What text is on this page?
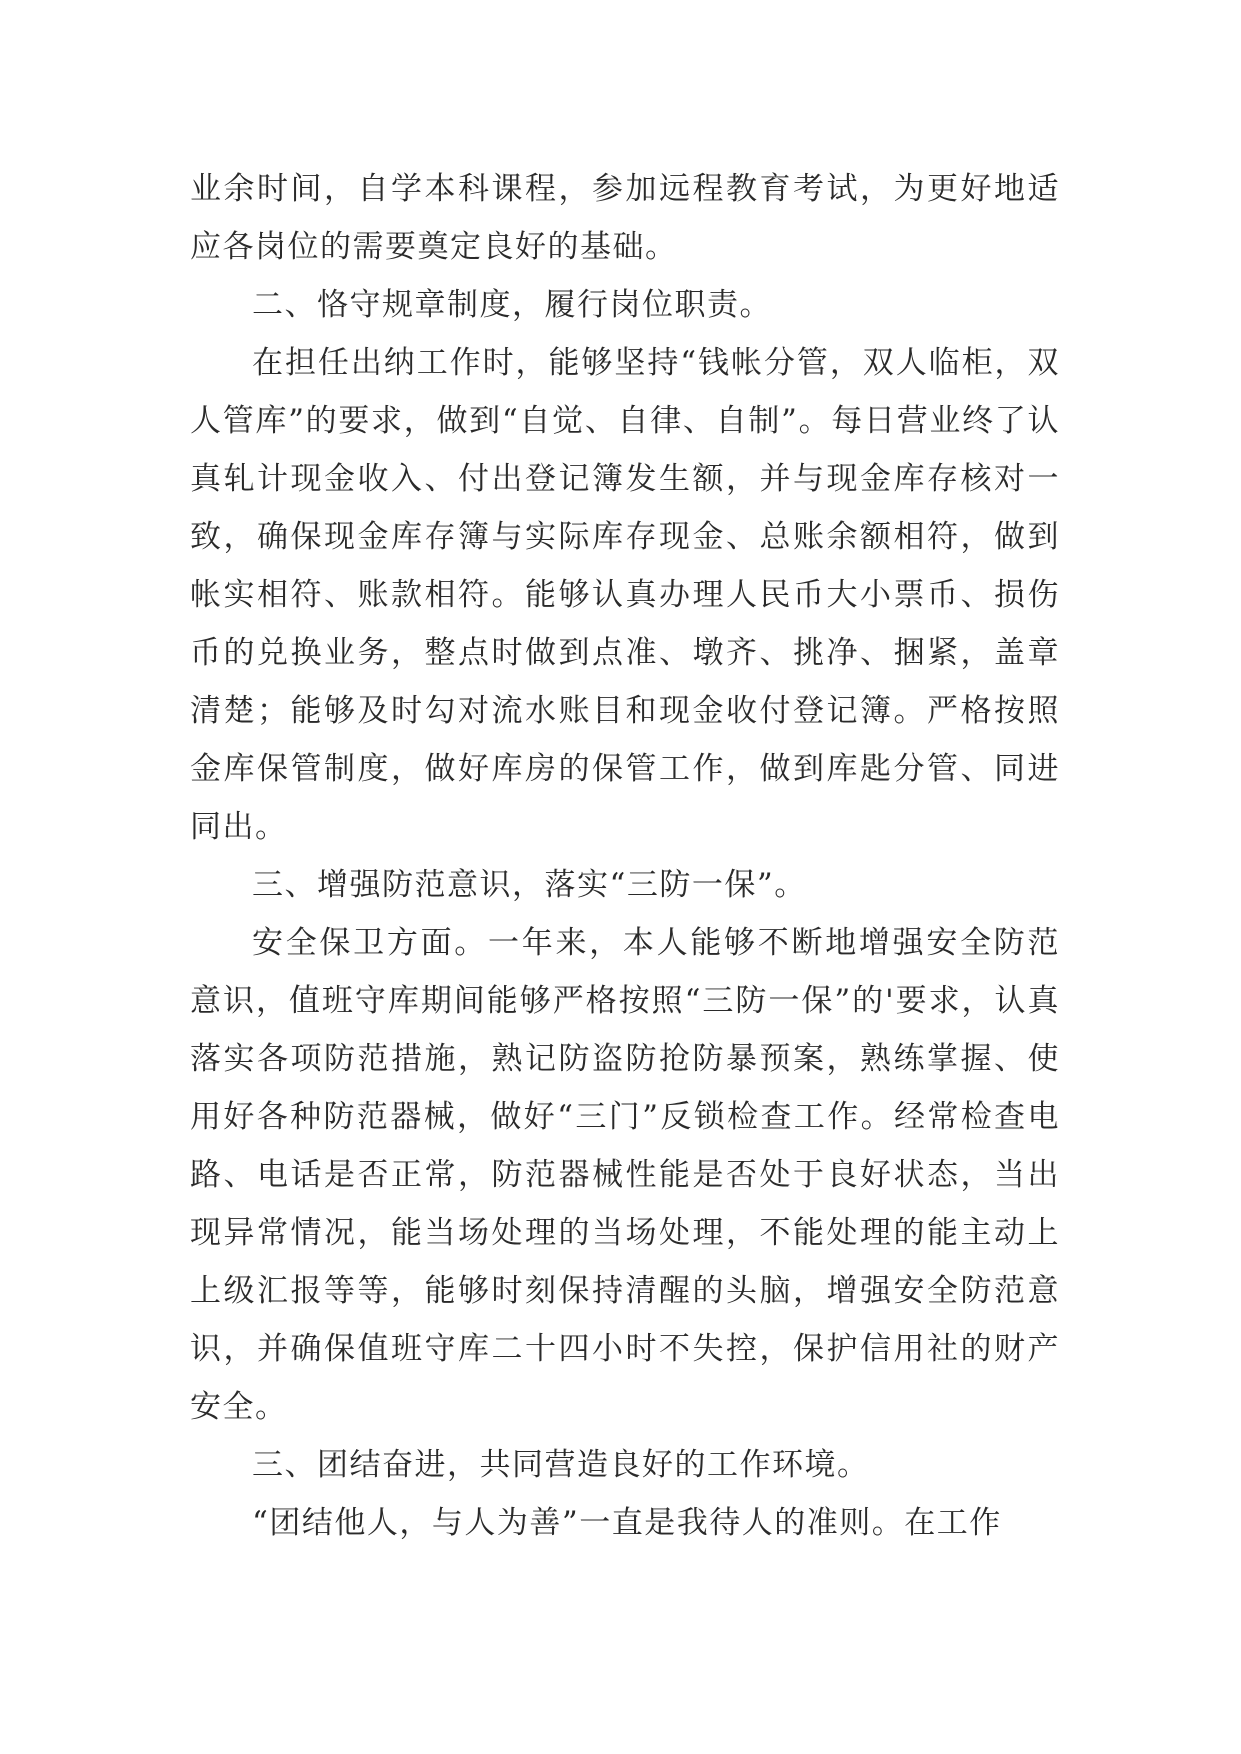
业余时间，自学本科课程，参加远程教育考试，为更好地适应各岗位的需要奠定良好的基础。

二、恪守规章制度，履行岗位职责。

在担任出纳工作时，能够坚持“钱帐分管，双人临柜，双人管库”的要求，做到“自觉、自律、自制”。每日营业终了认真轧计现金收入、付出登记簿发生额，并与现金库存核对一致，确保现金库存簿与实际库存现金、总账余额相符，做到帐实相符、账款相符。能够认真办理人民币大小票币、损伤币的兑换业务，整点时做到点准、墩齐、挑净、捆紧，盖章清楚；能够及时勾对流水账目和现金收付登记簿。严格按照金库保管制度，做好库房的保管工作，做到库匙分管、同进同出。

三、增强防范意识，落实“三防一保”。

安全保卫方面。一年来，本人能够不断地增强安全防范意识，值班守库期间能够严格按照“三防一保”的'要求，认真落实各项防范措施，熟记防盗防抢防暴预案，熟练掌握、使用好各种防范器械，做好“三门”反锁检查工作。经常检查电路、电话是否正常，防范器械性能是否处于良好状态，当出现异常情况，能当场处理的当场处理，不能处理的能主动上上级汇报等等，能够时刻保持清醒的头脑，增强安全防范意识，并确保值班守库二十四小时不失控，保护信用社的财产安全。

三、团结奋进，共同营造良好的工作环境。

“团结他人，与人为善”一直是我待人的准则。在工作
